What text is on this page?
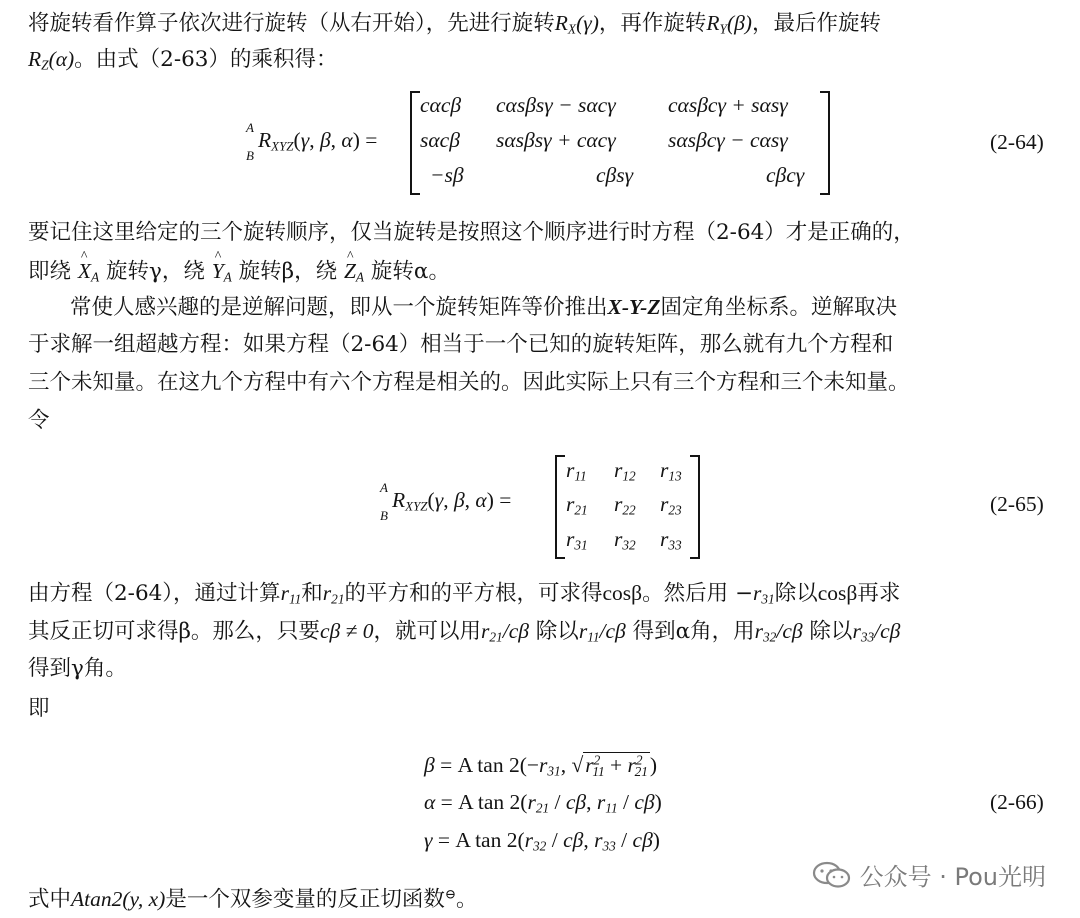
将旋转看作算子依次进行旋转（从右开始），先进行旋转$R_X(\gamma)$，再作旋转$R_Y(\beta)$，最后作旋转
$R_Z(\alpha)$。由式（2-63）的乘积得：
A
B
$R_{XYZ}(\gamma$, β, α) =
cαcβ cαsβsγ − sαcγ cαsβcγ + sαsγ
sαcβ sαsβsγ + cαcγ sαsβcγ − cαsγ
−sβ	cβsγ	cβcγ
(2-64)
要记住这里给定的三个旋转顺序，仅当旋转是按照这个顺序进行时方程（2-64）才是正确的，
即绕 ^ $X_A$ 旋转γ，绕 ^ $Y_A$ 旋转β，绕 ^ $Z_A$ 旋转α。
常使人感兴趣的是逆解问题，即从一个旋转矩阵等价推出X-Y-Z固定角坐标系。逆解取决
于求解一组超越方程：如果方程（2-64）相当于一个已知的旋转矩阵，那么就有九个方程和
三个未知量。在这九个方程中有六个方程是相关的。因此实际上只有三个方程和三个未知量。
令
A
B
$R_{XYZ}(\gamma$, β, α) =
$r_{11}$ $r_{12}$ $r_{13}$
$r_{21}$ $r_{22}$ $r_{23}$
$r_{31}$ $r_{32}$ $r_{33}$
(2-65)
由方程（2-64），通过计算$r_{11}$和$r_{21}$的平方和的平方根，可求得cosβ。然后用 $-r_{31}$除以cosβ再求
其反正切可求得β。那么，只要cβ ≠ 0，就可以用$r_{21}/c\beta$ 除以$r_{11}/c\beta$ 得到α角，用$r_{32}/c\beta$ 除以$r_{33}/c\beta$
得到γ角。
即
β = A $\tan 2(-r_{31}$, $√r^2_{11} + r^2_{21}$)
α = A $\tan 2(r_{21}$ / cβ, $r_{11} / c\beta$)
γ = A $\tan 2(r_{32}$ / cβ, $r_{33} / c\beta$)
(2-66)
式中Atan2(y, x)是一个双参变量的反正切函数⊖。
公众号 · Pou光明
